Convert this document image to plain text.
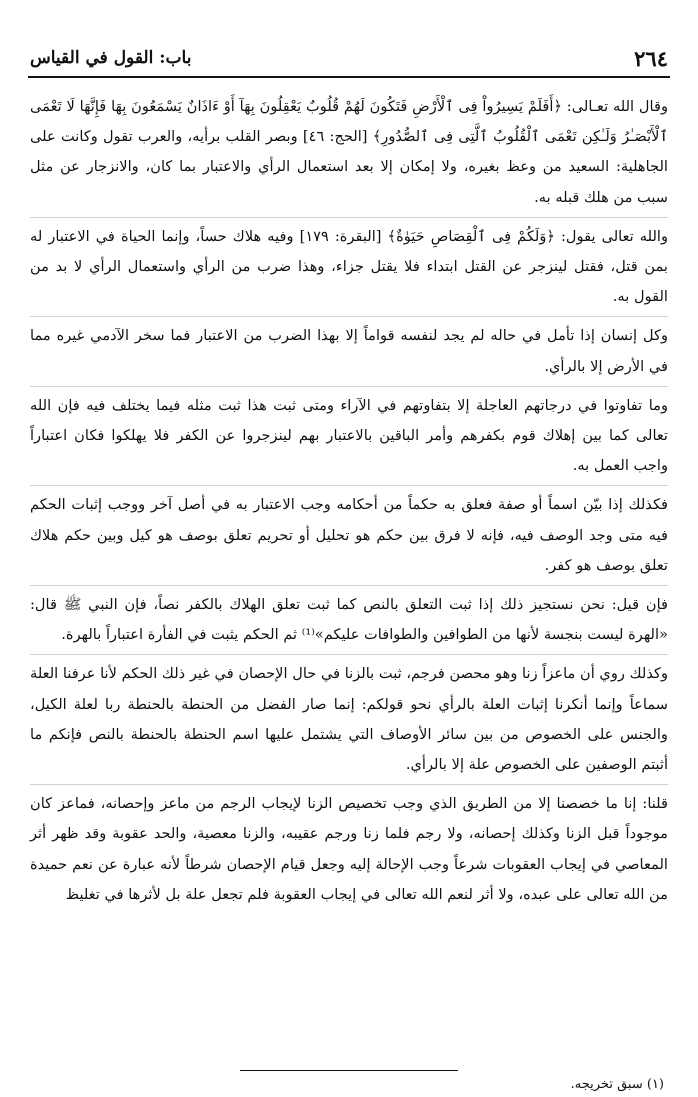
٢٦٤
باب: القول في القياس

وقال الله تعـالى: ﴿أَفَلَمْ يَسِيرُواْ فِى ٱلْأَرْضِ فَتَكُونَ لَهُمْ قُلُوبٌ يَعْقِلُونَ بِهَآ أَوْ ءَاذَانٌ يَسْمَعُونَ بِهَا فَإِنَّهَا لَا تَعْمَى ٱلْأَبْصَـٰرُ وَلَـٰكِن تَعْمَى ٱلْقُلُوبُ ٱلَّتِى فِى ٱلصُّدُورِ﴾ [الحج: ٤٦] وبصر القلب برأيه، والعرب تقول وكانت على الجاهلية: السعيد من وعظ بغيره، ولا إمكان إلا بعد استعمال الرأي والاعتبار بما كان، والانزجار عن مثل سبب من هلك قبله به.

والله تعالى يقول: ﴿وَلَكُمْ فِى ٱلْقِصَاصِ حَيَوٰةٌ﴾ [البقرة: ١٧٩] وفيه هلاك حساً، وإنما الحياة في الاعتبار له بمن قتل، فقتل لينزجر عن القتل ابتداء فلا يقتل جزاء، وهذا ضرب من الرأي واستعمال الرأي لا بد من القول به.

وكل إنسان إذا تأمل في حاله لم يجد لنفسه قواماً إلا بهذا الضرب من الاعتبار فما سخر الآدمي غيره مما في الأرض إلا بالرأي.

وما تفاوتوا في درجاتهم العاجلة إلا بتفاوتهم في الآراء ومتى ثبت هذا ثبت مثله فيما يختلف فيه فإن الله تعالى كما بين إهلاك قوم بكفرهم وأمر الباقين بالاعتبار بهم لينزجروا عن الكفر فلا يهلكوا فكان اعتباراً واجب العمل به.

فكذلك إذا بيّن اسماً أو صفة فعلق به حكماً من أحكامه وجب الاعتبار به في أصل آخر ووجب إثبات الحكم فيه متى وجد الوصف فيه، فإنه لا فرق بين حكم هو تحليل أو تحريم تعلق بوصف هو كيل وبين حكم هلاك تعلق بوصف هو كفر.

فإن قيل: نحن نستجيز ذلك إذا ثبت التعلق بالنص كما ثبت تعلق الهلاك بالكفر نصاً، فإن النبي ﷺ قال: «الهرة ليست بنجسة لأنها من الطوافين والطوافات عليكم»⁽¹⁾ ثم الحكم يثبت في الفأرة اعتباراً بالهرة.

وكذلك روي أن ماعزاً زنا وهو محصن فرجم، ثبت بالزنا في حال الإحصان في غير ذلك الحكم لأنا عرفنا العلة سماعاً وإنما أنكرنا إثبات العلة بالرأي نحو قولكم: إنما صار الفضل من الحنطة بالحنطة ربا لعلة الكيل، والجنس على الخصوص من بين سائر الأوصاف التي يشتمل عليها اسم الحنطة بالحنطة بالنص فإنكم ما أثبتم الوصفين على الخصوص علة إلا بالرأي.

قلنا: إنا ما خصصنا إلا من الطريق الذي وجب تخصيص الزنا لإيجاب الرجم من ماعز وإحصانه، فماعز كان موجوداً قبل الزنا وكذلك إحصانه، ولا رجم فلما زنا ورجم عقيبه، والزنا معصية، والحد عقوبة وقد ظهر أثر المعاصي في إيجاب العقوبات شرعاً وجب الإحالة إليه وجعل قيام الإحصان شرطاً لأنه عبارة عن نعم حميدة من الله تعالى على عبده، ولا أثر لنعم الله تعالى في إيجاب العقوبة فلم تجعل علة بل لأثرها في تغليظ

(١) سبق تخريجه.
